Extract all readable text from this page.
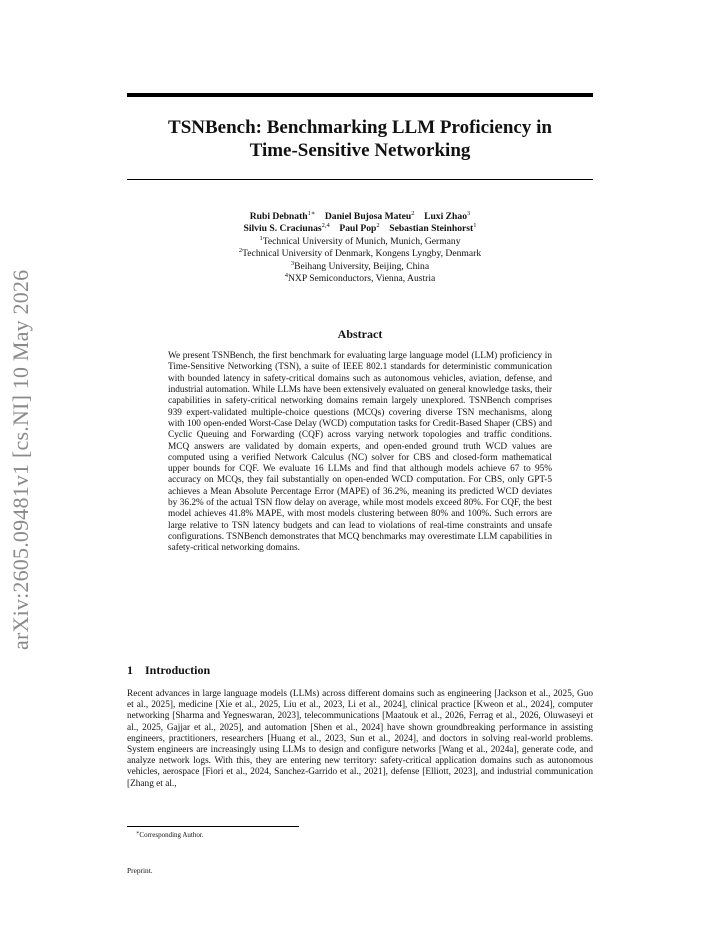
TSNBench: Benchmarking LLM Proficiency in
Time-Sensitive Networking
Rubi Debnath$^{1∗}$ Daniel Bujosa Mateu$^2$ Luxi Zhao$^3$
Silviu S. Craciunas$^{2,4}$ Paul Pop$^2$ Sebastian Steinhorst$^1$
$^1$Technical University of Munich, Munich, Germany
$^2$Technical University of Denmark, Kongens Lyngby, Denmark
$^3$Beihang University, Beijing, China
$^4$NXP Semiconductors, Vienna, Austria
arXiv:2605.09481v1 [cs.NI] 10 May 2026	Abstract
We present TSNBench, the first benchmark for evaluating large language model (LLM) proficiency in Time-Sensitive Networking (TSN), a suite of IEEE 802.1 standards for deterministic communication with bounded latency in safety-critical domains such as autonomous vehicles, aviation, defense, and industrial automation. While LLMs have been extensively evaluated on general knowledge tasks, their capabilities in safety-critical networking domains remain largely unexplored. TSNBench comprises 939 expert-validated multiple-choice questions (MCQs) covering diverse TSN mechanisms, along with 100 open-ended Worst-Case Delay (WCD) computation tasks for Credit-Based Shaper (CBS) and Cyclic Queuing and Forwarding (CQF) across varying network topologies and traffic conditions. MCQ answers are validated by domain experts, and open-ended ground truth WCD values are computed using a verified Network Calculus (NC) solver for CBS and closed-form mathematical upper bounds for CQF. We evaluate 16 LLMs and find that although models achieve 67 to 95% accuracy on MCQs, they fail substantially on open-ended WCD computation. For CBS, only GPT-5 achieves a Mean Absolute Percentage Error (MAPE) of 36.2%, meaning its predicted WCD deviates by 36.2% of the actual TSN flow delay on average, while most models exceed 80%. For CQF, the best model achieves 41.8% MAPE, with most models clustering between 80% and 100%. Such errors are large relative to TSN latency budgets and can lead to violations of real-time constraints and unsafe configurations. TSNBench demonstrates that MCQ benchmarks may overestimate LLM capabilities in safety-critical networking domains.
1 Introduction
Recent advances in large language models (LLMs) across different domains such as engineering [Jackson et al., 2025, Guo et al., 2025], medicine [Xie et al., 2025, Liu et al., 2023, Li et al., 2024], clinical practice [Kweon et al., 2024], computer networking [Sharma and Yegneswaran, 2023], telecommunications [Maatouk et al., 2026, Ferrag et al., 2026, Oluwaseyi et al., 2025, Gajjar et al., 2025], and automation [Shen et al., 2024] have shown groundbreaking performance in assisting engineers, practitioners, researchers [Huang et al., 2023, Sun et al., 2024], and doctors in solving real-world problems. System engineers are increasingly using LLMs to design and configure networks [Wang et al., 2024a], generate code, and analyze network logs. With this, they are entering new territory: safety-critical application domains such as autonomous vehicles, aerospace [Fiori et al., 2024, Sanchez-Garrido et al., 2021], defense [Elliott, 2023], and industrial communication [Zhang et al.,
∗Corresponding Author.
Preprint.
